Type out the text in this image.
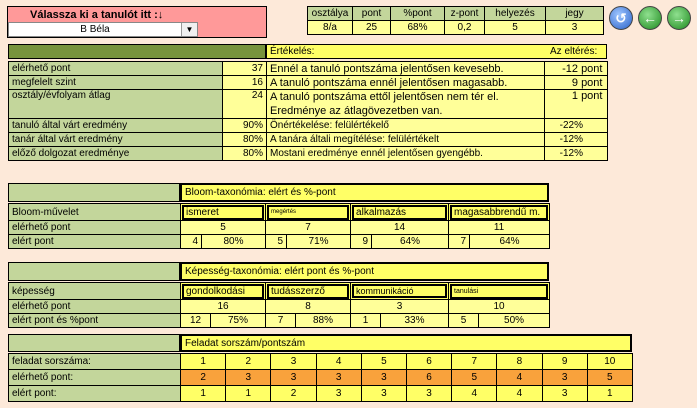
Válassza ki a tanulót itt :↓
B Béla	▼
osztálya	pont	%pont	z-pont	helyezés	jegy
8/a	25	68%	0,2	5	3
↺	←	→
Értékelés:	Az eltérés:
elérhető pont	37	Ennél a tanuló pontszáma jelentősen kevesebb.	-12 pont
megfelelt szint	16	A tanuló pontszáma ennél jelentősen magasabb.	9 pont
osztály/évfolyam átlag	24	A tanuló pontszáma ettől jelentősen nem tér el.
Eredménye az átlagövezetben van.	1 pont
tanuló által várt eredmény	90%	Önértékelése: felülértékelő	-22%
tanár által várt eredmény	80%	A tanára általi megítélése: felülértékelt	-12%
előző dolgozat eredménye	80%	Mostani eredménye ennél jelentősen gyengébb.	-12%
Bloom-taxonómia: elért és %-pont
Bloom-művelet	ismeret		megértés		alkalmazás		magasabbrendű m.	

elérhető pont	5		7		14		11	
elért pont	4	80%	5	71%	9	64%	7	64%
Képesség-taxonómia: elért pont és %-pont
képesség	gondolkodási		tudásszerző		kommunikáció		tanulási	

elérhető pont	16		8		3		10	
elért pont és %pont	12	75%	7	88%	1	33%	5	50%
Feladat sorszám/pontszám
feladat sorszáma:	1	2	3	4	5	6	7	8	9	10
elérhető pont:	2	3	3	3	3	6	5	4	3	5
elért pont:	1	1	2	3	3	3	4	4	3	1
